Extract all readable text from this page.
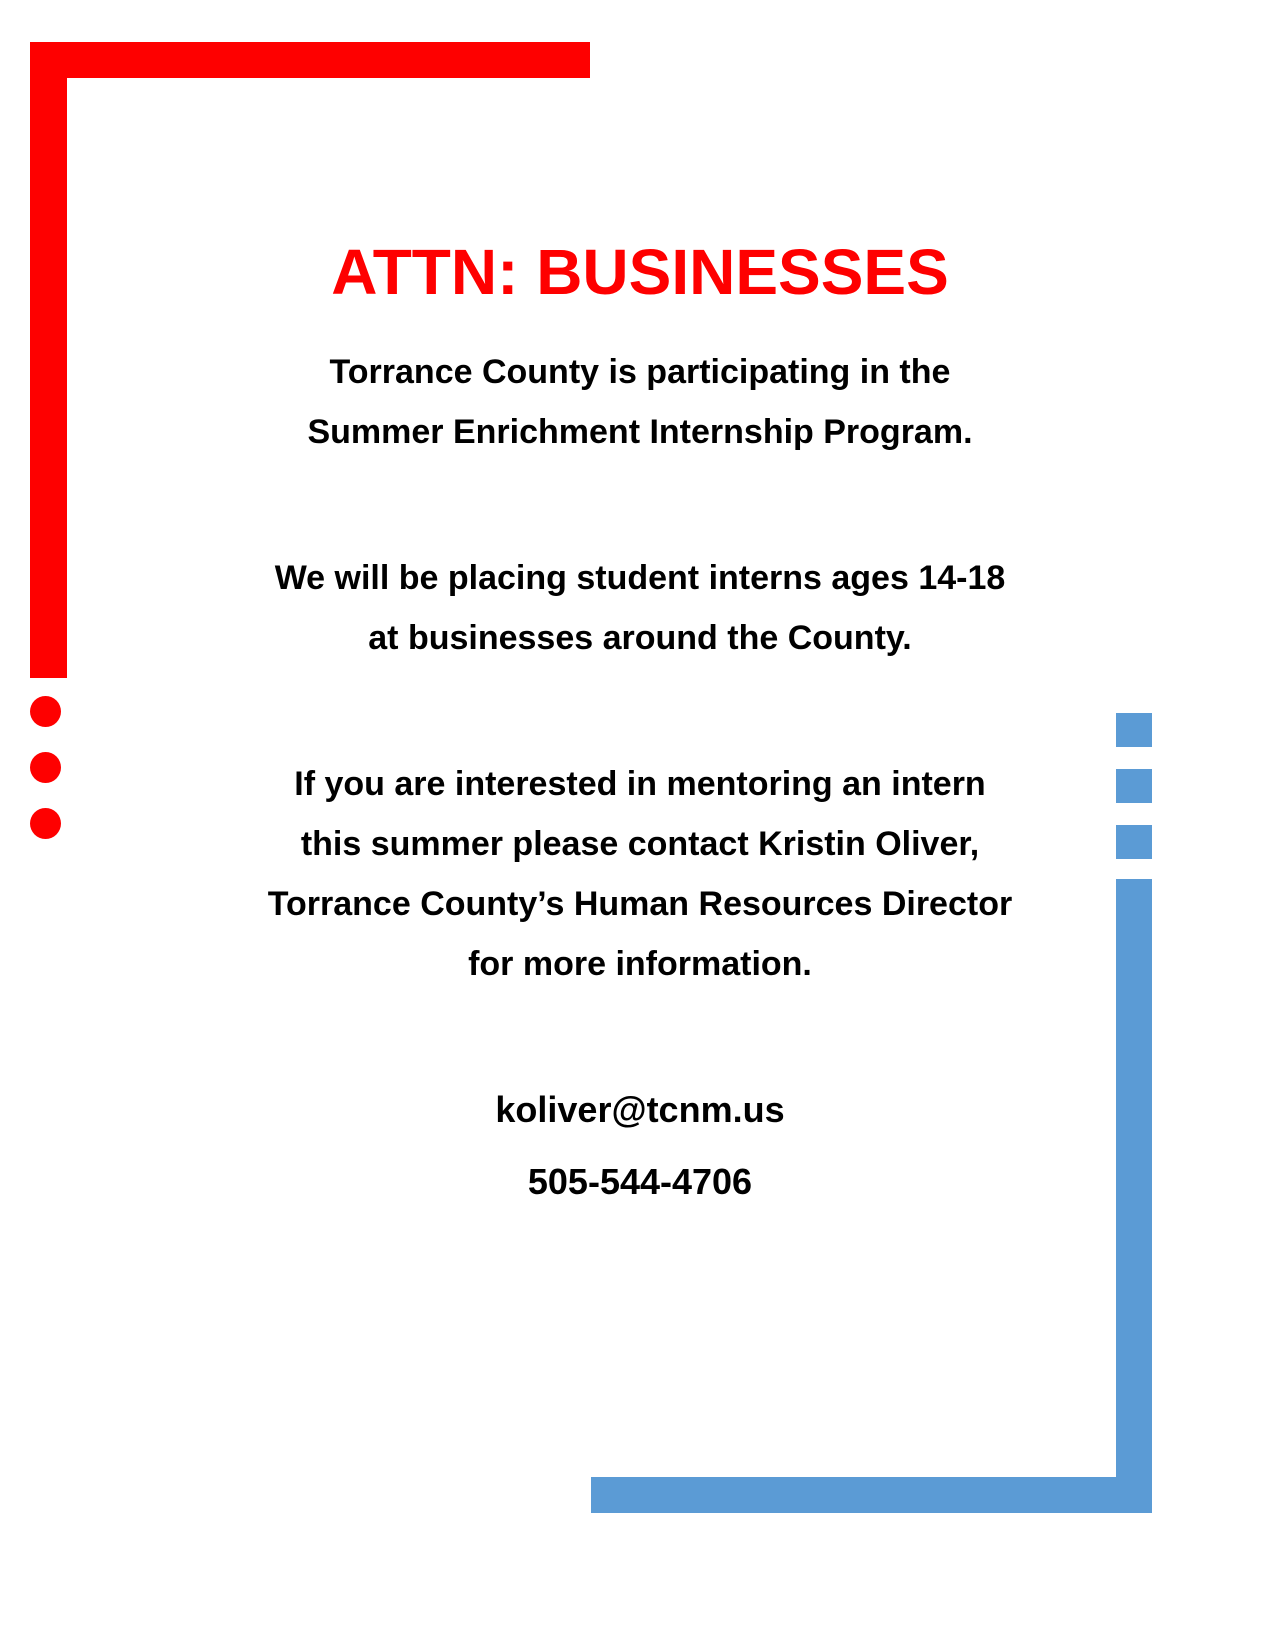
ATTN: BUSINESSES
Torrance County is participating in the
Summer Enrichment Internship Program.
We will be placing student interns ages 14-18
at businesses around the County.
If you are interested in mentoring an intern
this summer please contact Kristin Oliver,
Torrance County’s Human Resources Director
for more information.
koliver@tcnm.us
505-544-4706
